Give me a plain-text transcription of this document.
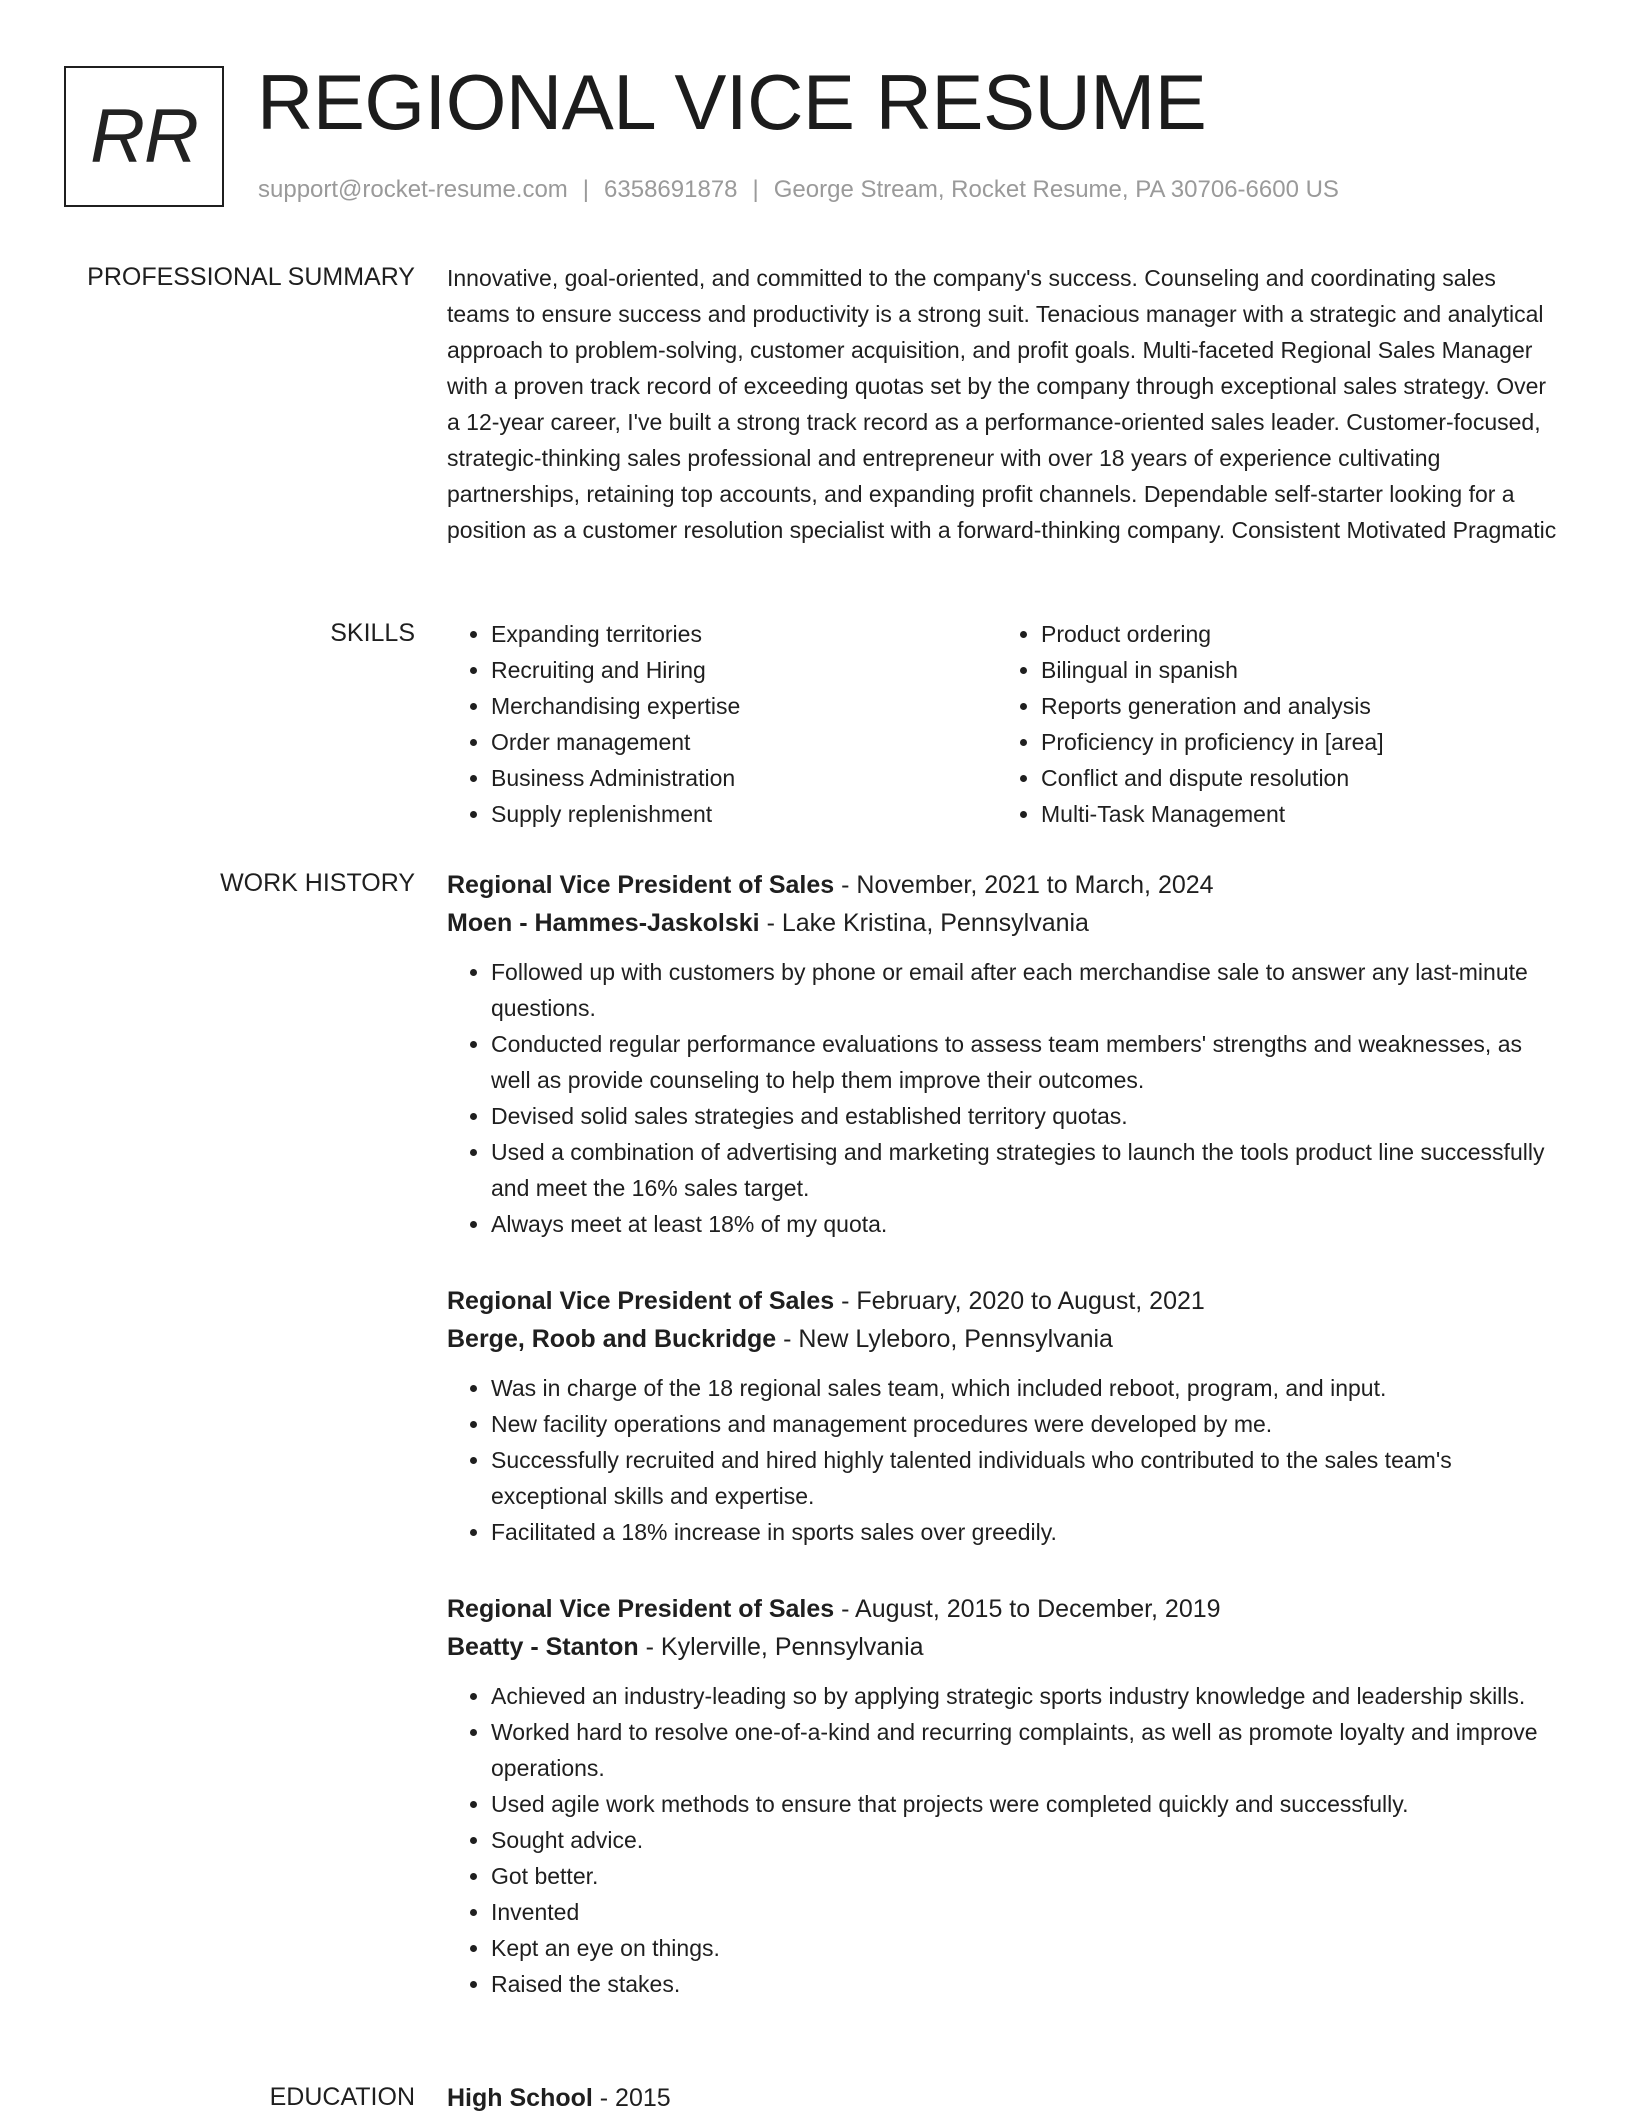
RR REGIONAL VICE RESUME
support@rocket-resume.com | 6358691878 | George Stream, Rocket Resume, PA 30706-6600 US
PROFESSIONAL SUMMARY Innovative, goal-oriented, and committed to the company's success. Counseling and coordinating sales teams to ensure success and productivity is a strong suit. Tenacious manager with a strategic and analytical approach to problem-solving, customer acquisition, and profit goals. Multi-faceted Regional Sales Manager with a proven track record of exceeding quotas set by the company through exceptional sales strategy. Over a 12-year career, I've built a strong track record as a performance-oriented sales leader. Customer-focused, strategic-thinking sales professional and entrepreneur with over 18 years of experience cultivating partnerships, retaining top accounts, and expanding profit channels. Dependable self-starter looking for a position as a customer resolution specialist with a forward-thinking company. Consistent Motivated Pragmatic

SKILLS
•	Expanding territories
• Recruiting and Hiring
• Merchandising expertise
• Order management
• Business Administration
• Supply replenishment
• Product ordering
• Bilingual in spanish
• Reports generation and analysis
• Proficiency in proficiency in [area]
• Conflict and dispute resolution
• Multi-Task Management
WORK HISTORY Regional Vice President of Sales - November, 2021 to March, 2024
Moen - Hammes-Jaskolski - Lake Kristina, Pennsylvania
• Followed up with customers by phone or email after each merchandise sale to answer any last-minute questions.
• Conducted regular performance evaluations to assess team members' strengths and weaknesses, as well as provide counseling to help them improve their outcomes.
• Devised solid sales strategies and established territory quotas.
• Used a combination of advertising and marketing strategies to launch the tools product line successfully and meet the 16% sales target.
• Always meet at least 18% of my quota.
Regional Vice President of Sales - February, 2020 to August, 2021
Berge, Roob and Buckridge - New Lyleboro, Pennsylvania
• Was in charge of the 18 regional sales team, which included reboot, program, and input.
• New facility operations and management procedures were developed by me.
• Successfully recruited and hired highly talented individuals who contributed to the sales team's exceptional skills and expertise.
• Facilitated a 18% increase in sports sales over greedily.
Regional Vice President of Sales - August, 2015 to December, 2019
Beatty - Stanton - Kylerville, Pennsylvania
• Achieved an industry-leading so by applying strategic sports industry knowledge and leadership skills.
• Worked hard to resolve one-of-a-kind and recurring complaints, as well as promote loyalty and improve operations.
• Used agile work methods to ensure that projects were completed quickly and successfully.
• Sought advice.
• Got better.
• Invented
• Kept an eye on things.
• Raised the stakes.
EDUCATION High School - 2015
